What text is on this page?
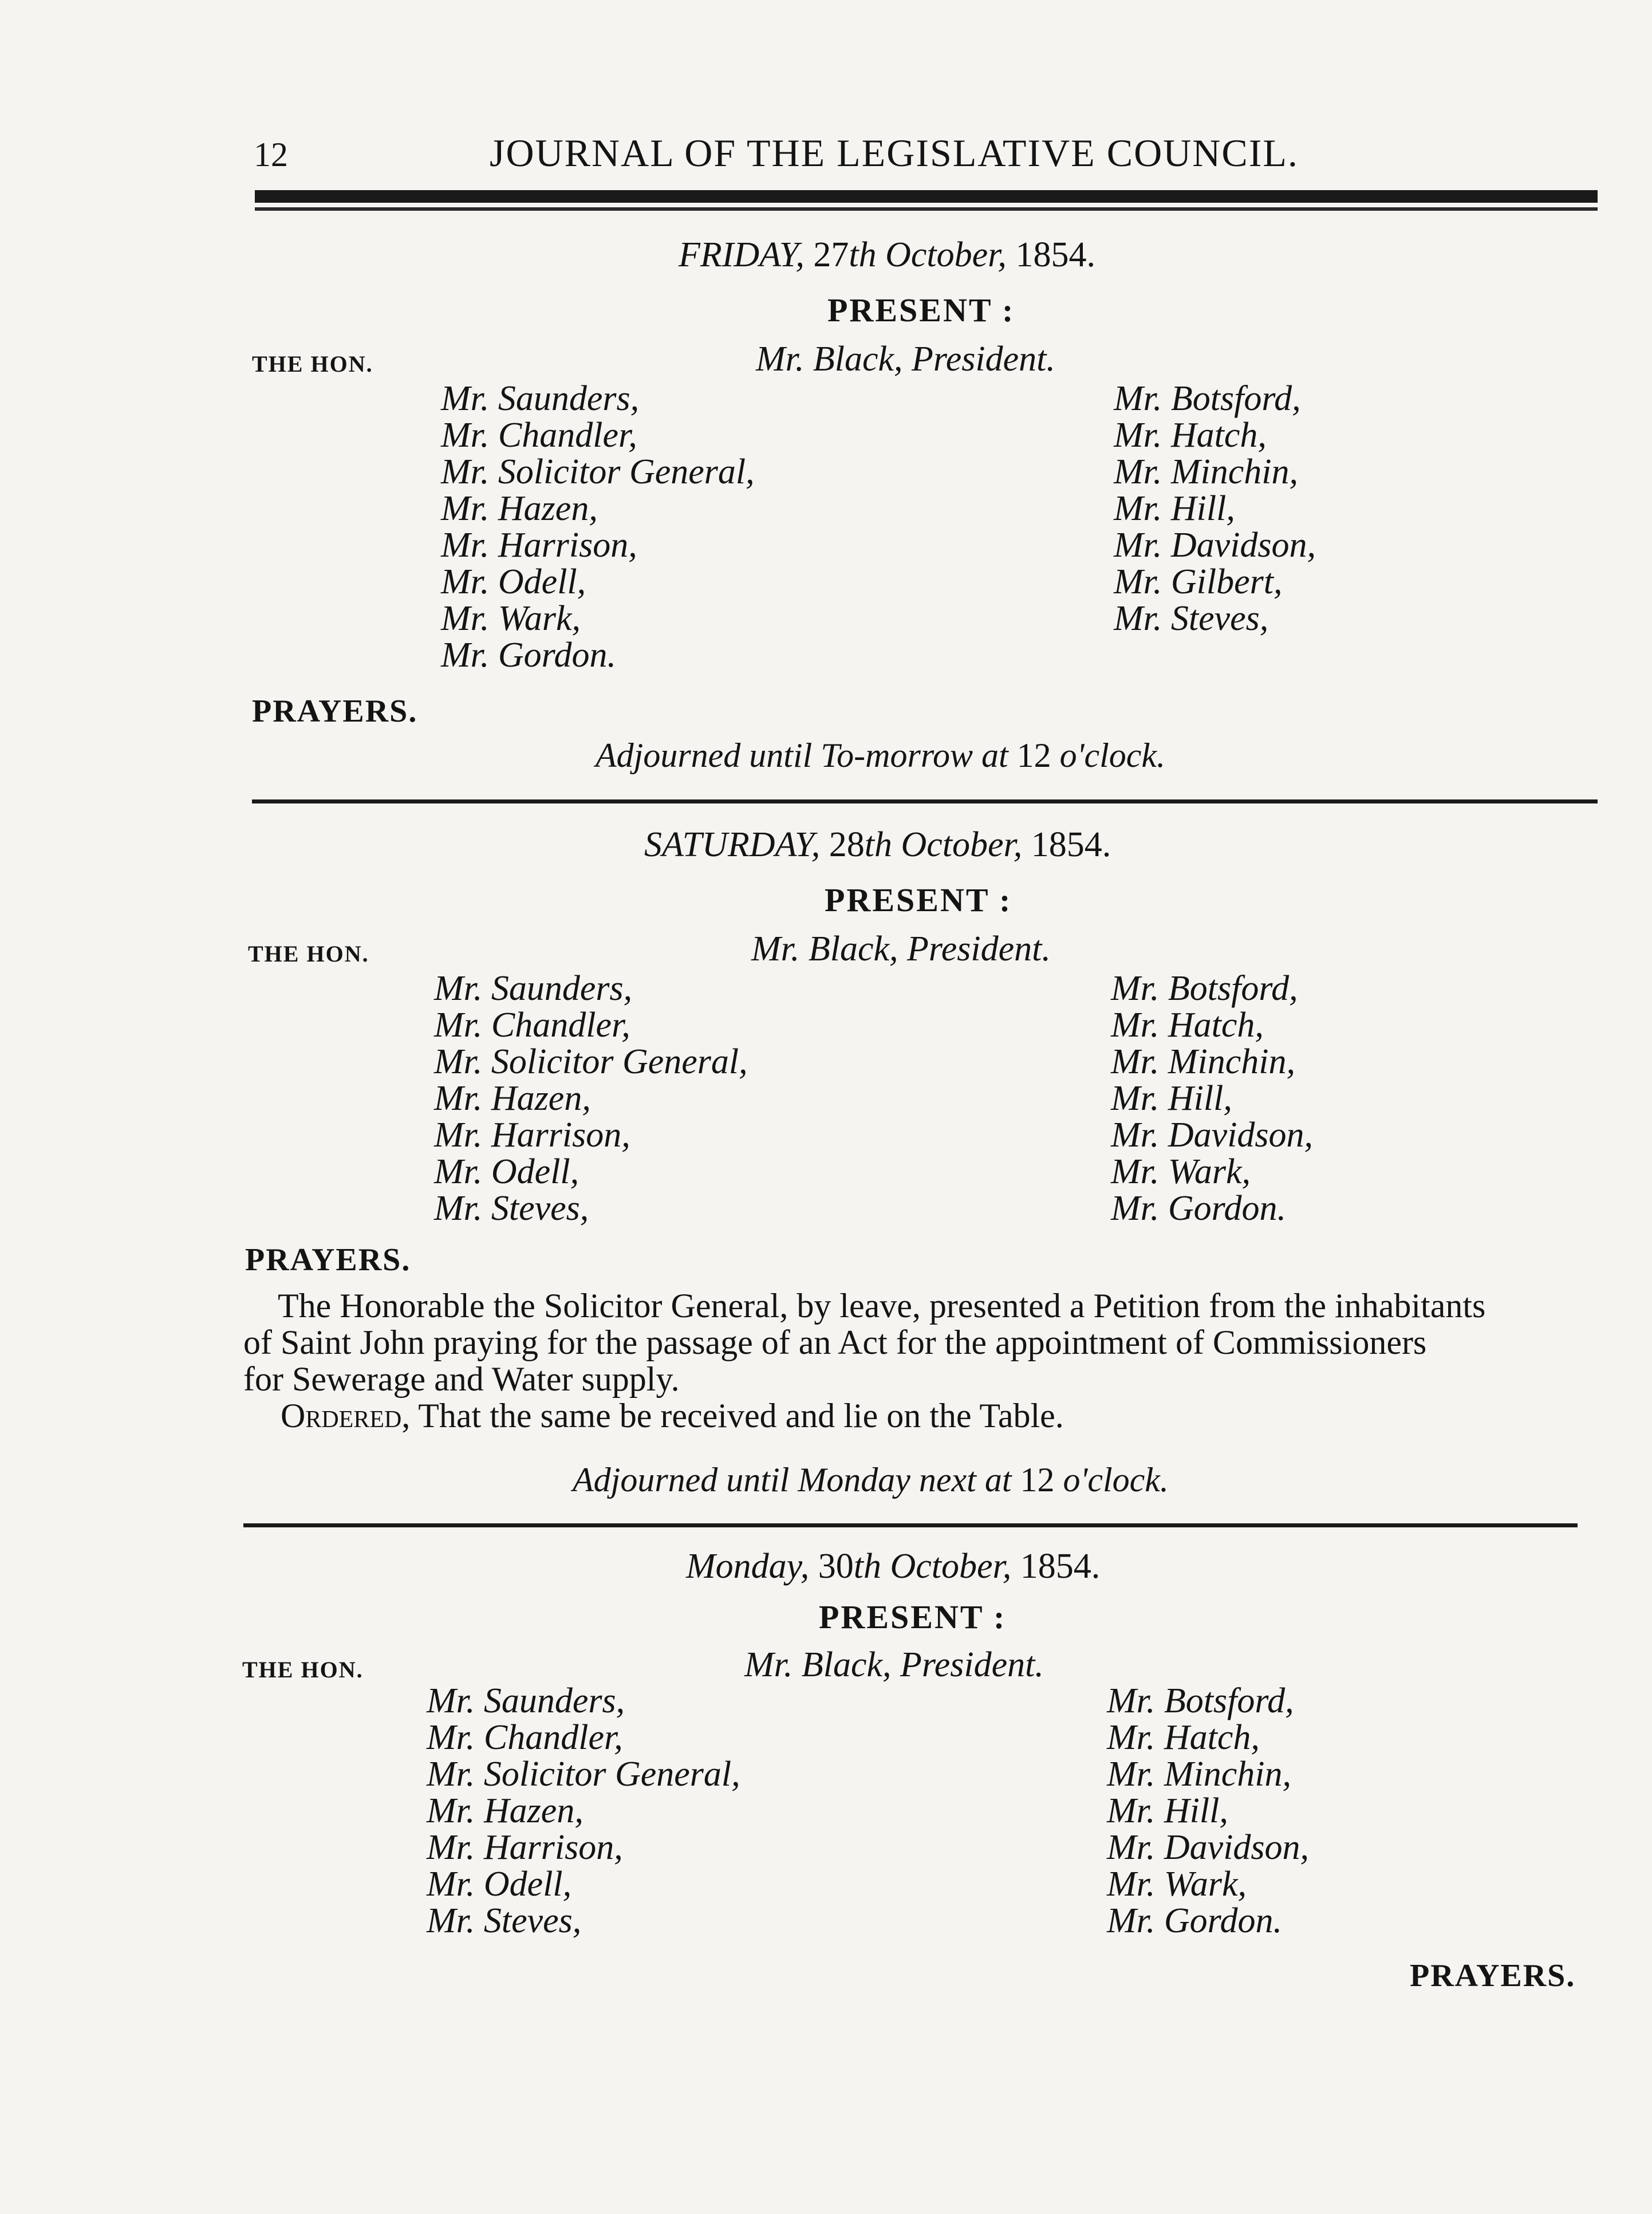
12	JOURNAL OF THE LEGISLATIVE COUNCIL.
FRIDAY, 27th October, 1854.
PRESENT :
THE HON.	Mr. Black, President.
Mr. Saunders,
Mr. Chandler,
Mr. Solicitor General,
Mr. Hazen,
Mr. Harrison,
Mr. Odell,
Mr. Wark,
Mr. Gordon.
Mr. Botsford,
Mr. Hatch,
Mr. Minchin,
Mr. Hill,
Mr. Davidson,
Mr. Gilbert,
Mr. Steves,
PRAYERS.
Adjourned until To-morrow at 12 o'clock.
SATURDAY, 28th October, 1854.
PRESENT :
THE HON.	Mr. Black, President.
Mr. Saunders,
Mr. Chandler,
Mr. Solicitor General,
Mr. Hazen,
Mr. Harrison,
Mr. Odell,
Mr. Steves,
Mr. Botsford,
Mr. Hatch,
Mr. Minchin,
Mr. Hill,
Mr. Davidson,
Mr. Wark,
Mr. Gordon.
PRAYERS.
The Honorable the Solicitor General, by leave, presented a Petition from the inhabitants
of Saint John praying for the passage of an Act for the appointment of Commissioners
for Sewerage and Water supply.
Ordered, That the same be received and lie on the Table.
Adjourned until Monday next at 12 o'clock.
Monday, 30th October, 1854.
PRESENT :
THE HON.	Mr. Black, President.
Mr. Saunders,
Mr. Chandler,
Mr. Solicitor General,
Mr. Hazen,
Mr. Harrison,
Mr. Odell,
Mr. Steves,
Mr. Botsford,
Mr. Hatch,
Mr. Minchin,
Mr. Hill,
Mr. Davidson,
Mr. Wark,
Mr. Gordon.
PRAYERS.
